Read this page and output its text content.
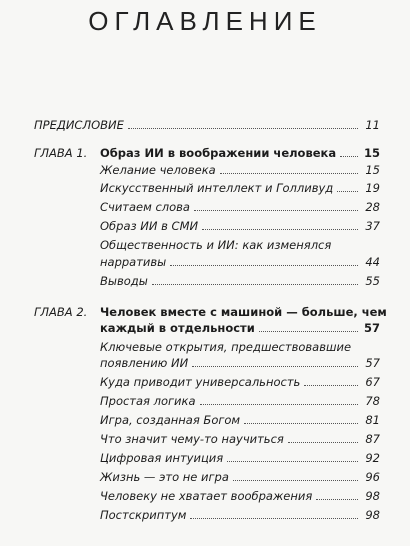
ОГЛАВЛЕНИЕ
ПРЕДИСЛОВИЕ	11
ГЛАВА 1. Образ ИИ в воображении человека 15
Желание человека	15
Искусственный интеллект и Голливуд	19
Считаем слова	28
Образ ИИ в СМИ	37
Общественность и ИИ: как изменялся
нарративы	44
Выводы	55
ГЛАВА 2. Человек вместе с машиной — больше, чем
каждый в отдельности	57
Ключевые открытия, предшествовавшие
появлению ИИ	57
Куда приводит универсальность	67
Простая логика	78
Игра, созданная Богом	81
Что значит чему-то научиться	87
Цифровая интуиция	92
Жизнь — это не игра	96
Человеку не хватает воображения	98
Постскриптум	98
